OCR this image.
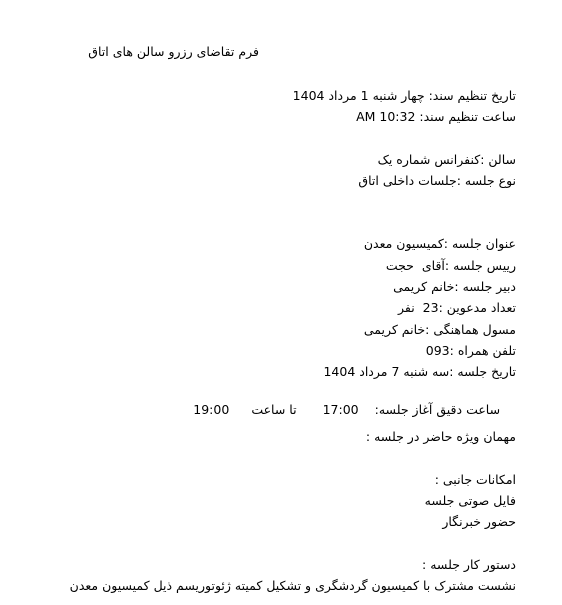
فرم تقاضای رزرو سالن های اتاق
تاریخ تنظیم سند: چهار شنبه 1 مرداد 1404
ساعت تنظیم سند: AM 10:32
سالن :کنفرانس شماره یک
نوع جلسه :جلسات داخلی اتاق
عنوان جلسه :کمیسیون معدن
رییس جلسه :آقای  حجت
دبیر جلسه :خانم کریمی
تعداد مدعوین :23  نفر
مسول هماهنگی :خانم کریمی
تلفن همراه :093
تاریخ جلسه :سه شنبه 7 مرداد 1404

ساعت دقیق آغاز جلسه:17:00تا ساعت19:00

مهمان ویژه حاضر در جلسه :
امکانات جانبی :
فایل صوتی جلسه
حضور خبرنگار
دستور کار جلسه :
نشست مشترک با کمیسیون گردشگری و تشکیل کمیته ژئوتوریسم ذیل کمیسیون معدن
